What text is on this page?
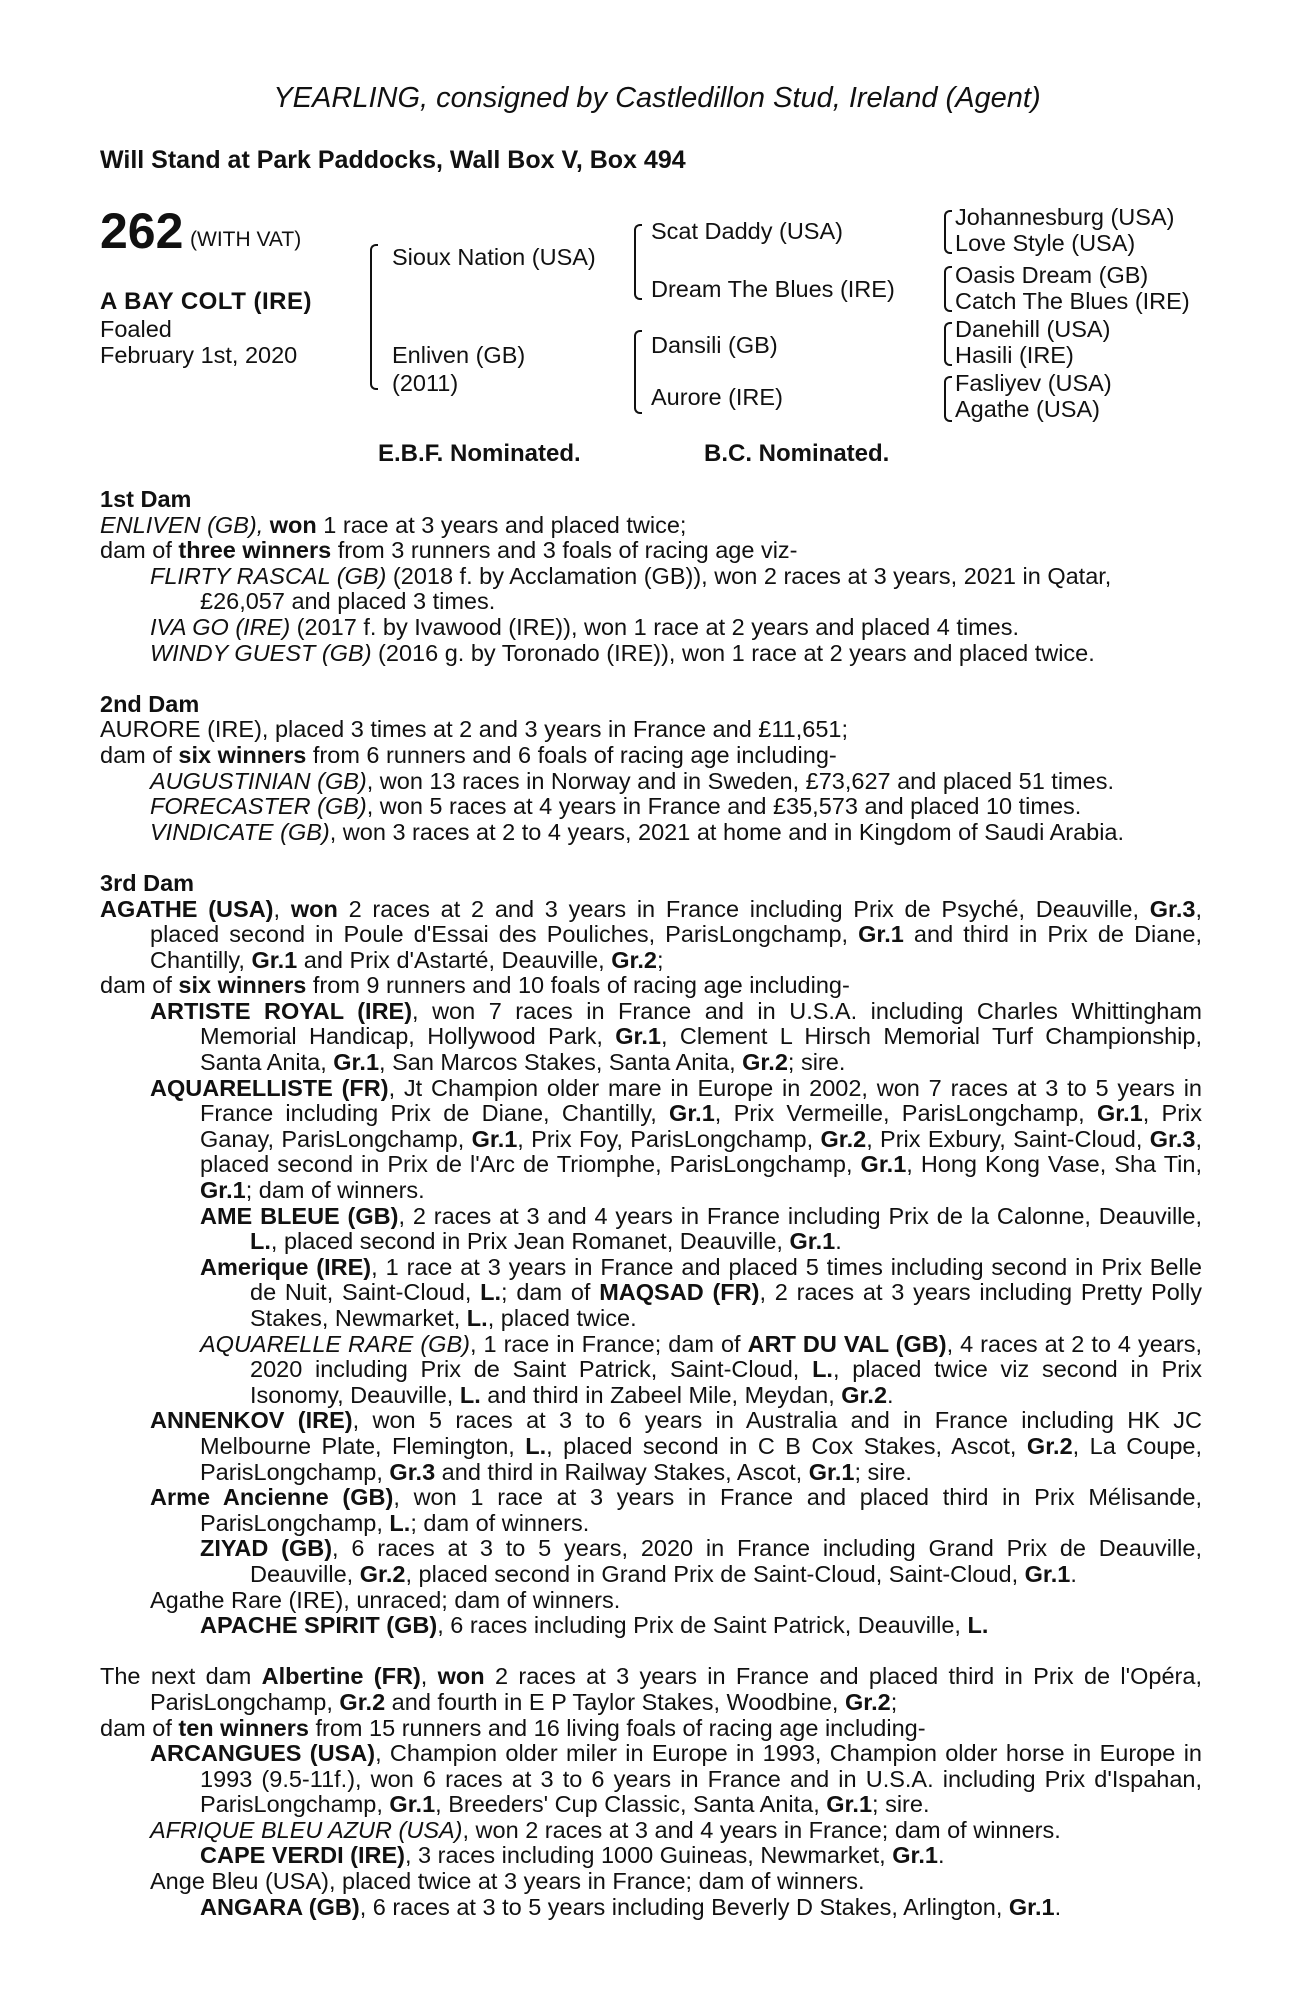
YEARLING, consigned by Castledillon Stud, Ireland (Agent)
Will Stand at Park Paddocks, Wall Box V, Box 494
262 (WITH VAT)
A BAY COLT (IRE)
Foaled
February 1st, 2020
Sioux Nation (USA)
Enliven (GB)
(2011)
Scat Daddy (USA)
Dream The Blues (IRE)
Dansili (GB)
Aurore (IRE)
Johannesburg (USA)
Love Style (USA)
Oasis Dream (GB)
Catch The Blues (IRE)
Danehill (USA)
Hasili (IRE)
Fasliyev (USA)
Agathe (USA)
E.B.F. Nominated.	B.C. Nominated.

1st Dam

ENLIVEN (GB), won 1 race at 3 years and placed twice;

dam of three winners from 3 runners and 3 foals of racing age viz-

FLIRTY RASCAL (GB) (2018 f. by Acclamation (GB)), won 2 races at 3 years, 2021 in Qatar, £26,057 and placed 3 times.

IVA GO (IRE) (2017 f. by Ivawood (IRE)), won 1 race at 2 years and placed 4 times.

WINDY GUEST (GB) (2016 g. by Toronado (IRE)), won 1 race at 2 years and placed twice.

2nd Dam

AURORE (IRE), placed 3 times at 2 and 3 years in France and £11,651;

dam of six winners from 6 runners and 6 foals of racing age including-

AUGUSTINIAN (GB), won 13 races in Norway and in Sweden, £73,627 and placed 51 times.

FORECASTER (GB), won 5 races at 4 years in France and £35,573 and placed 10 times.

VINDICATE (GB), won 3 races at 2 to 4 years, 2021 at home and in Kingdom of Saudi Arabia.

3rd Dam

AGATHE (USA), won 2 races at 2 and 3 years in France including Prix de Psyché, Deauville, Gr.3, placed second in Poule d'Essai des Pouliches, ParisLongchamp, Gr.1 and third in Prix de Diane, Chantilly, Gr.1 and Prix d'Astarté, Deauville, Gr.2;

dam of six winners from 9 runners and 10 foals of racing age including-

ARTISTE ROYAL (IRE), won 7 races in France and in U.S.A. including Charles Whittingham Memorial Handicap, Hollywood Park, Gr.1, Clement L Hirsch Memorial Turf Championship, Santa Anita, Gr.1, San Marcos Stakes, Santa Anita, Gr.2; sire.

AQUARELLISTE (FR), Jt Champion older mare in Europe in 2002, won 7 races at 3 to 5 years in France including Prix de Diane, Chantilly, Gr.1, Prix Vermeille, ParisLongchamp, Gr.1, Prix Ganay, ParisLongchamp, Gr.1, Prix Foy, ParisLongchamp, Gr.2, Prix Exbury, Saint-Cloud, Gr.3, placed second in Prix de l'Arc de Triomphe, ParisLongchamp, Gr.1, Hong Kong Vase, Sha Tin, Gr.1; dam of winners.

AME BLEUE (GB), 2 races at 3 and 4 years in France including Prix de la Calonne, Deauville, L., placed second in Prix Jean Romanet, Deauville, Gr.1.

Amerique (IRE), 1 race at 3 years in France and placed 5 times including second in Prix Belle de Nuit, Saint-Cloud, L.; dam of MAQSAD (FR), 2 races at 3 years including Pretty Polly Stakes, Newmarket, L., placed twice.

AQUARELLE RARE (GB), 1 race in France; dam of ART DU VAL (GB), 4 races at 2 to 4 years, 2020 including Prix de Saint Patrick, Saint-Cloud, L., placed twice viz second in Prix Isonomy, Deauville, L. and third in Zabeel Mile, Meydan, Gr.2.

ANNENKOV (IRE), won 5 races at 3 to 6 years in Australia and in France including HK JC Melbourne Plate, Flemington, L., placed second in C B Cox Stakes, Ascot, Gr.2, La Coupe, ParisLongchamp, Gr.3 and third in Railway Stakes, Ascot, Gr.1; sire.

Arme Ancienne (GB), won 1 race at 3 years in France and placed third in Prix Mélisande, ParisLongchamp, L.; dam of winners.

ZIYAD (GB), 6 races at 3 to 5 years, 2020 in France including Grand Prix de Deauville, Deauville, Gr.2, placed second in Grand Prix de Saint-Cloud, Saint-Cloud, Gr.1.

Agathe Rare (IRE), unraced; dam of winners.

APACHE SPIRIT (GB), 6 races including Prix de Saint Patrick, Deauville, L.

The next dam Albertine (FR), won 2 races at 3 years in France and placed third in Prix de l'Opéra, ParisLongchamp, Gr.2 and fourth in E P Taylor Stakes, Woodbine, Gr.2;

dam of ten winners from 15 runners and 16 living foals of racing age including-

ARCANGUES (USA), Champion older miler in Europe in 1993, Champion older horse in Europe in 1993 (9.5-11f.), won 6 races at 3 to 6 years in France and in U.S.A. including Prix d'Ispahan, ParisLongchamp, Gr.1, Breeders' Cup Classic, Santa Anita, Gr.1; sire.

AFRIQUE BLEU AZUR (USA), won 2 races at 3 and 4 years in France; dam of winners.

CAPE VERDI (IRE), 3 races including 1000 Guineas, Newmarket, Gr.1.

Ange Bleu (USA), placed twice at 3 years in France; dam of winners.

ANGARA (GB), 6 races at 3 to 5 years including Beverly D Stakes, Arlington, Gr.1.
